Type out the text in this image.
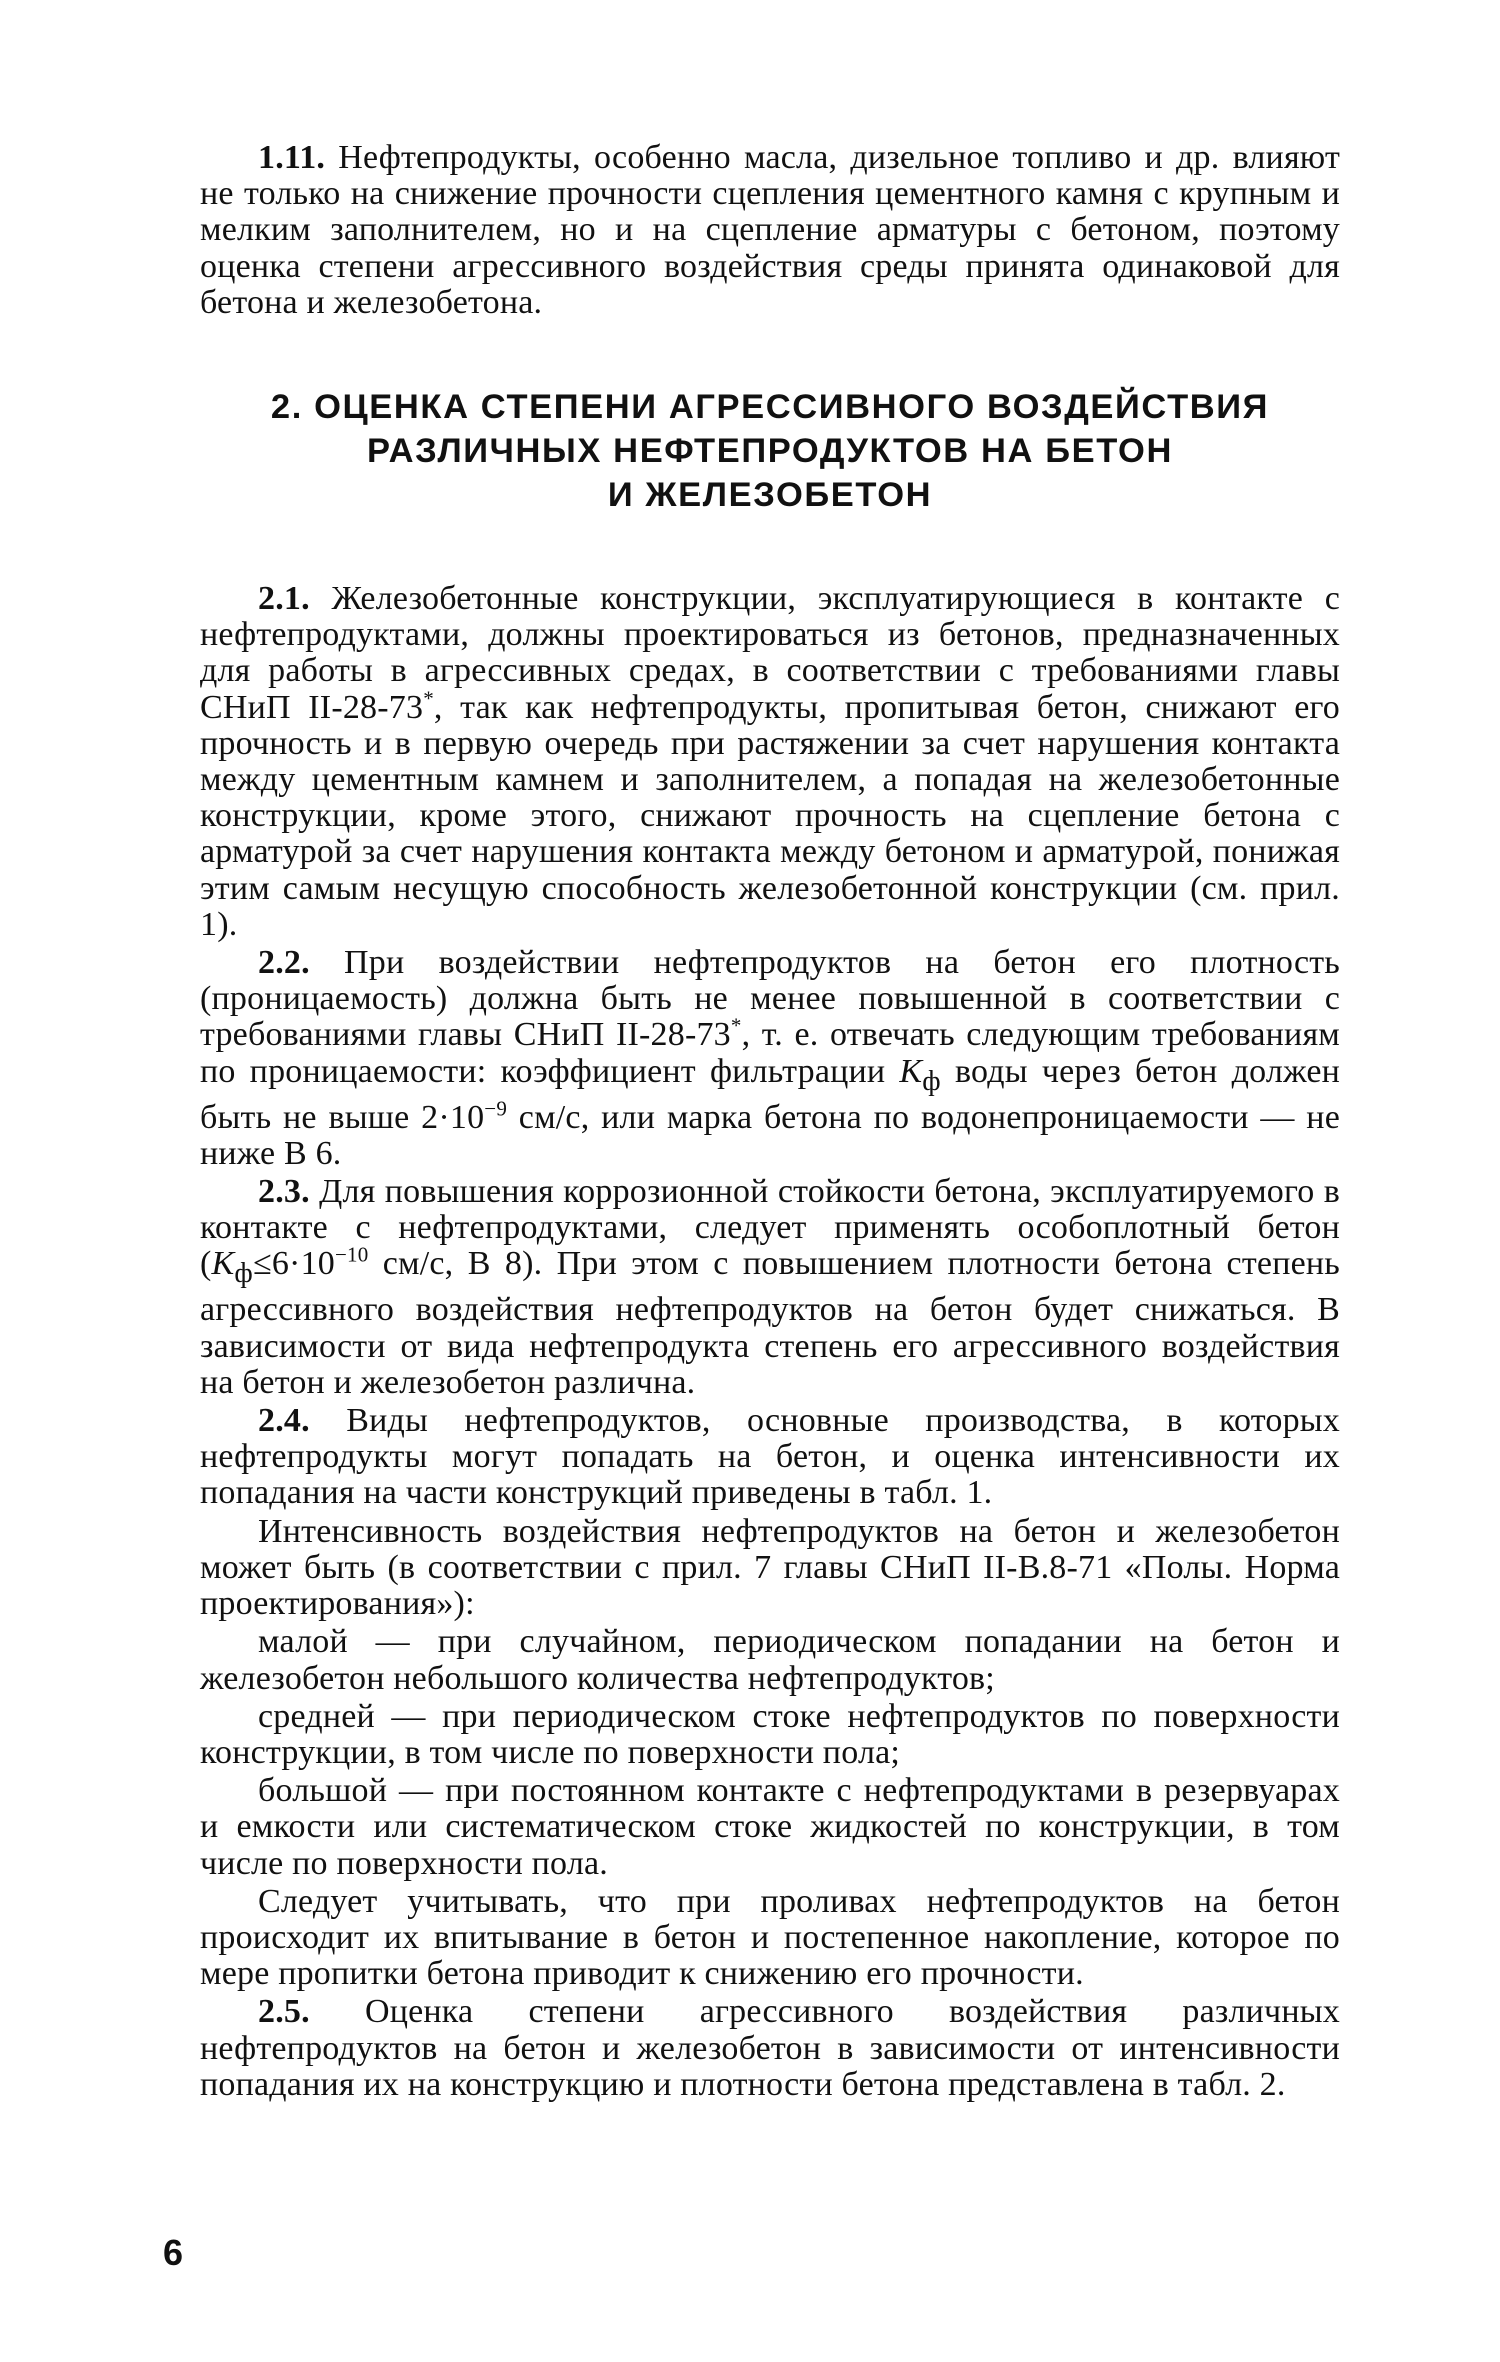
1.11. Нефтепродукты, особенно масла, дизельное топливо и др. влияют не только на снижение прочности сцепления цементного камня с крупным и мелким заполнителем, но и на сцепление арматуры с бетоном, поэтому оценка степени агрессивного воздействия среды принята одинаковой для бетона и железобетона.

2. ОЦЕНКА СТЕПЕНИ АГРЕССИВНОГО ВОЗДЕЙСТВИЯ
РАЗЛИЧНЫХ НЕФТЕПРОДУКТОВ НА БЕТОН
И ЖЕЛЕЗОБЕТОН

2.1. Железобетонные конструкции, эксплуатирующиеся в контакте с нефтепродуктами, должны проектироваться из бетонов, предназначенных для работы в агрессивных средах, в соответствии с требованиями главы СНиП II-28-73*, так как нефтепродукты, пропитывая бетон, снижают его прочность и в первую очередь при растяжении за счет нарушения контакта между цементным камнем и заполнителем, а попадая на железобетонные конструкции, кроме этого, снижают прочность на сцепление бетона с арматурой за счет нарушения контакта между бетоном и арматурой, понижая этим самым несущую способность железобетонной конструкции (см. прил. 1).

2.2. При воздействии нефтепродуктов на бетон его плотность (проницаемость) должна быть не менее повышенной в соответствии с требованиями главы СНиП II-28-73*, т. е. отвечать следующим требованиям по проницаемости: коэффициент фильтрации $K_ф$ воды через бетон должен быть не выше $2\cdot 10^{-9}$ см/с, или марка бетона по водонепроницаемости — не ниже В 6.

2.3. Для повышения коррозионной стойкости бетона, эксплуатируемого в контакте с нефтепродуктами, следует применять особоплотный бетон ($K_ф\le 6\cdot 10^{-10}$ см/с, В 8). При этом с повышением плотности бетона степень агрессивного воздействия нефтепродуктов на бетон будет снижаться. В зависимости от вида нефтепродукта степень его агрессивного воздействия на бетон и железобетон различна.

2.4. Виды нефтепродуктов, основные производства, в которых нефтепродукты могут попадать на бетон, и оценка интенсивности их попадания на части конструкций приведены в табл. 1.

Интенсивность воздействия нефтепродуктов на бетон и железобетон может быть (в соответствии с прил. 7 главы СНиП II-В.8-71 «Полы. Норма проектирования»):

малой — при случайном, периодическом попадании на бетон и железобетон небольшого количества нефтепродуктов;

средней — при периодическом стоке нефтепродуктов по поверхности конструкции, в том числе по поверхности пола;

большой — при постоянном контакте с нефтепродуктами в резервуарах и емкости или систематическом стоке жидкостей по конструкции, в том числе по поверхности пола.

Следует учитывать, что при проливах нефтепродуктов на бетон происходит их впитывание в бетон и постепенное накопление, которое по мере пропитки бетона приводит к снижению его прочности.

2.5. Оценка степени агрессивного воздействия различных нефтепродуктов на бетон и железобетон в зависимости от интенсивности попадания их на конструкцию и плотности бетона представлена в табл. 2.

6
